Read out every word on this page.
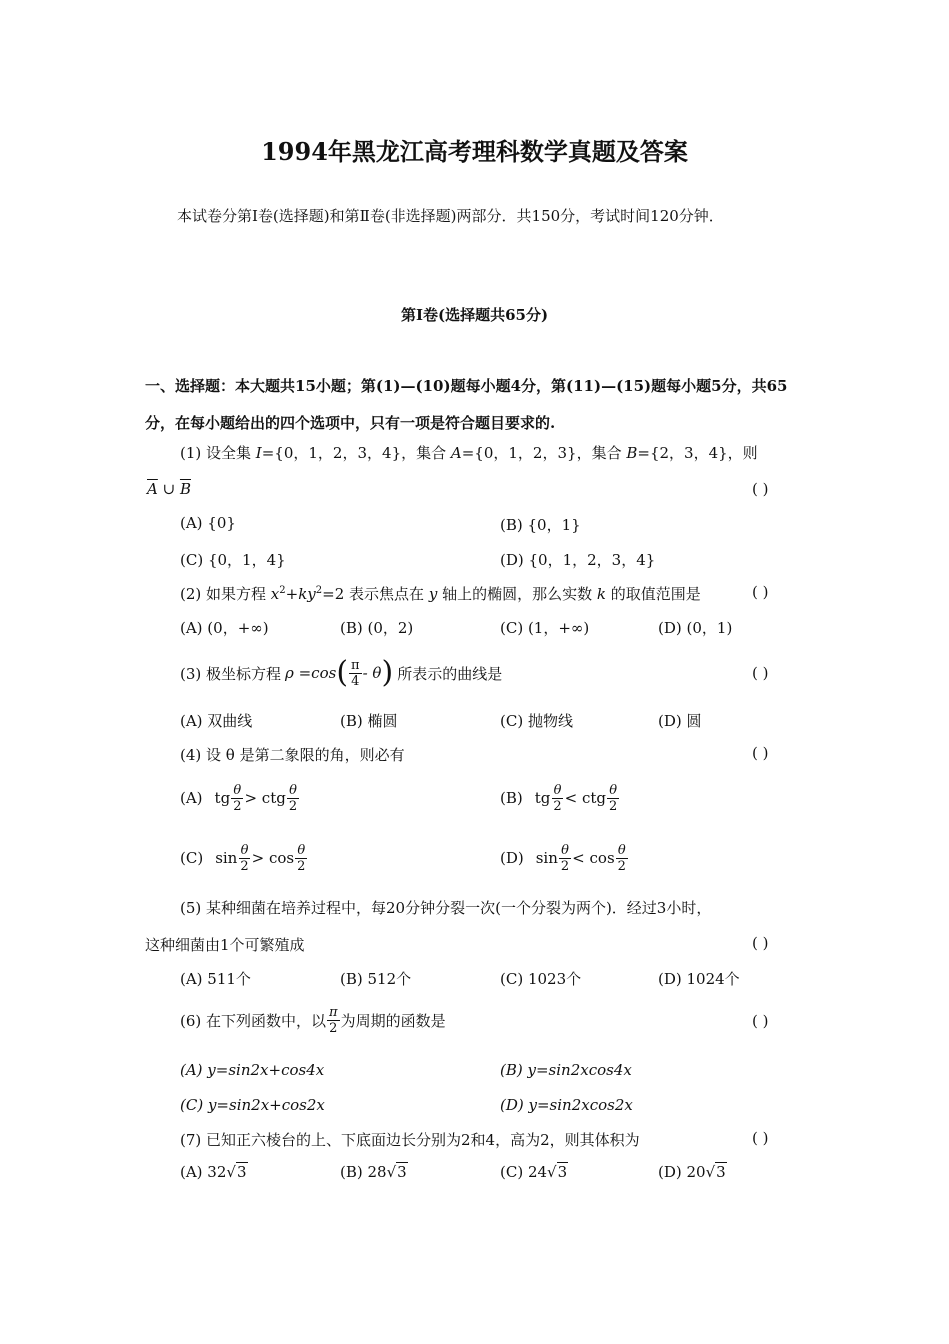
1994年黑龙江高考理科数学真题及答案
本试卷分第Ⅰ卷(选择题)和第Ⅱ卷(非选择题)两部分．共150分，考试时间120分钟．
第Ⅰ卷(选择题共65分)
一、选择题：本大题共15小题；第(1)—(10)题每小题4分，第(11)—(15)题每小题5分，共65分，在每小题给出的四个选项中，只有一项是符合题目要求的.
(1) 设全集 I={0，1，2，3，4}，集合 A={0，1，2，3}，集合 B={2，3，4}，则
$\overline{A}$ ∪ $\overline{B}$	( )
(A) {0}	(B) {0，1}
(C) {0，1，4}	(D) {0，1，2，3，4}
(2) 如果方程 $x^2+ky^2=2$ 表示焦点在 y 轴上的椭圆，那么实数 k 的取值范围是	( )
(A) (0，+∞)	(B) (0，2)	(C) (1，+∞)	(D) (0，1)
(3) 极坐标方程 ρ =cos ( $\frac{\pi}{4}$ - θ ) 所表示的曲线是	( )
(A) 双曲线	(B) 椭圆	(C) 抛物线	(D) 圆
(4) 设 θ 是第二象限的角，则必有	( )
(A) tg $\frac{\theta}{2}$ > ctg $\frac{\theta}{2}$	(B) tg $\frac{\theta}{2}$ < ctg $\frac{\theta}{2}$
(C) $\sin \frac{\theta}{2} > \cos \frac{\theta}{2}$	(D) $\sin \frac{\theta}{2} < \cos \frac{\theta}{2}$
(5) 某种细菌在培养过程中，每20分钟分裂一次(一个分裂为两个)．经过3小时，
这种细菌由1个可繁殖成	( )
(A) 511个	(B) 512个	(C) 1023个	(D) 1024个
(6) 在下列函数中，以 $\frac{\pi}{2}$ 为周期的函数是	( )
(A) y=sin2x+cos4x	(B) y=sin2xcos4x
(C) y=sin2x+cos2x	(D) y=sin2xcos2x
(7) 已知正六棱台的上、下底面边长分别为2和4，高为2，则其体积为	( )
(A) 32√3	(B) 28√3	(C) 24√3	(D) 20√3
